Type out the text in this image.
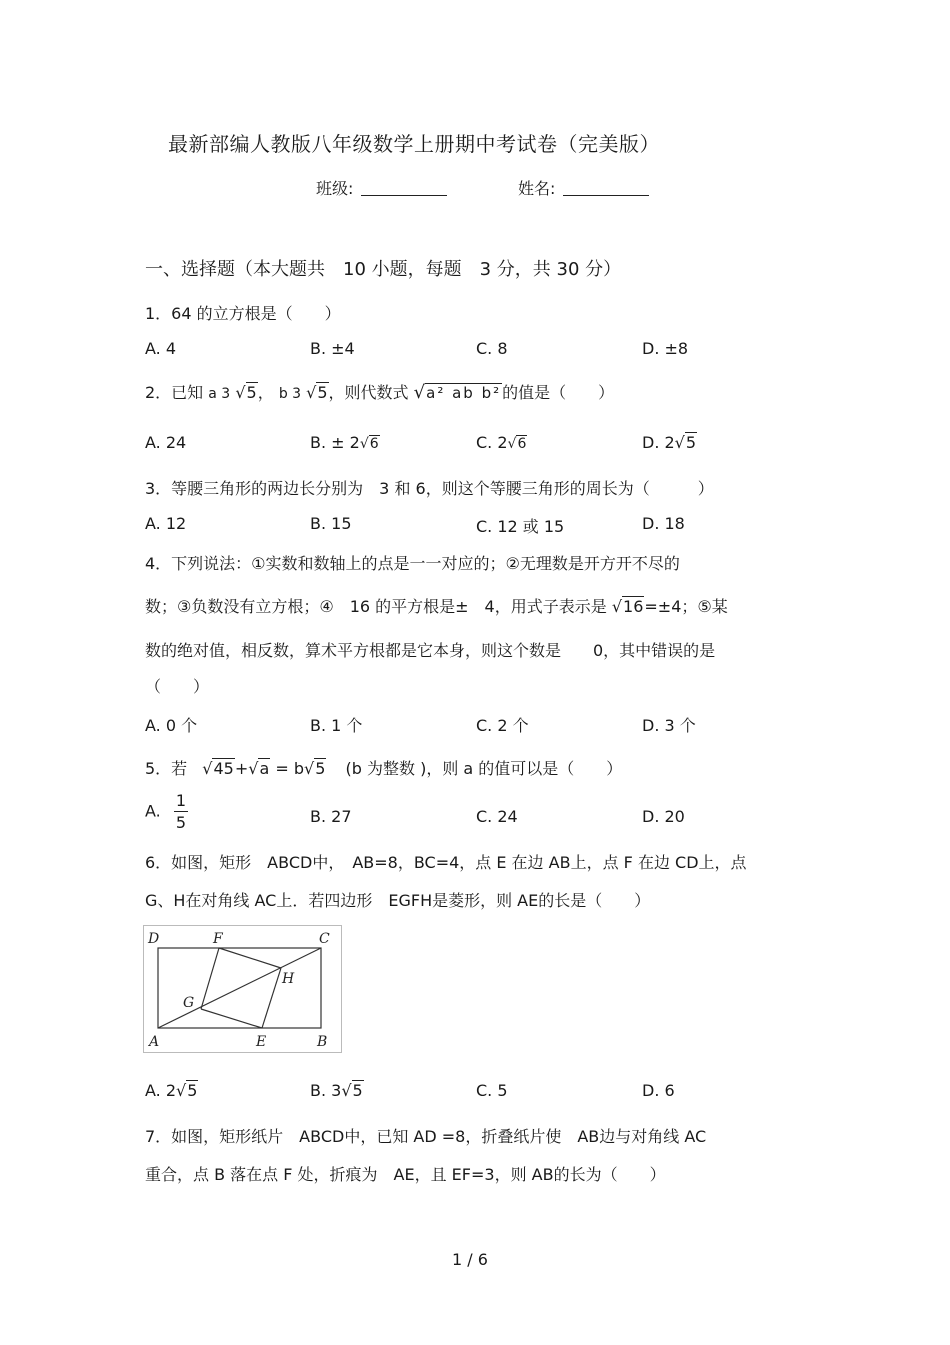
最新部编人教版八年级数学上册期中考试卷（完美版）
班级:	姓名:
一、选择题（本大题共　10 小题，每题　3 分，共 30 分）
1．64 的立方根是（　　）
A. 4	B. ±4	C. 8	D. ±8
2．已知 a 3 √5， b 3 √5，则代数式 √a² ab b²的值是（　　）
A. 24	B. ± 2√6	C. 2√6	D. 2√5
3．等腰三角形的两边长分别为　3 和 6，则这个等腰三角形的周长为（　　　）
A. 12	B. 15	C. 12 或 15	D. 18
4．下列说法：①实数和数轴上的点是一一对应的；②无理数是开方开不尽的
数；③负数没有立方根；④　16 的平方根是±　4，用式子表示是 √16=±4；⑤某
数的绝对值，相反数，算术平方根都是它本身，则这个数是　　0，其中错误的是
（　　）
A. 0 个	B. 1 个	C. 2 个	D. 3 个
5．若 √45+√a = b√5 (b 为整数 )，则 a 的值可以是（　　）
A. $\frac{1}{5}$	B. 27	C. 24	D. 20
6．如图，矩形　ABCD中，　AB=8，BC=4，点 E 在边 AB上，点 F 在边 CD上，点
G、H在对角线 AC上．若四边形　EGFH是菱形，则 AE的长是（　　）
D	F	C
H
G
A	E	B
A. 2√5	B. 3√5	C. 5	D. 6
7．如图，矩形纸片　ABCD中，已知 AD =8，折叠纸片使　AB边与对角线 AC
重合，点 B 落在点 F 处，折痕为　AE，且 EF=3，则 AB的长为（　　）
1 / 6
